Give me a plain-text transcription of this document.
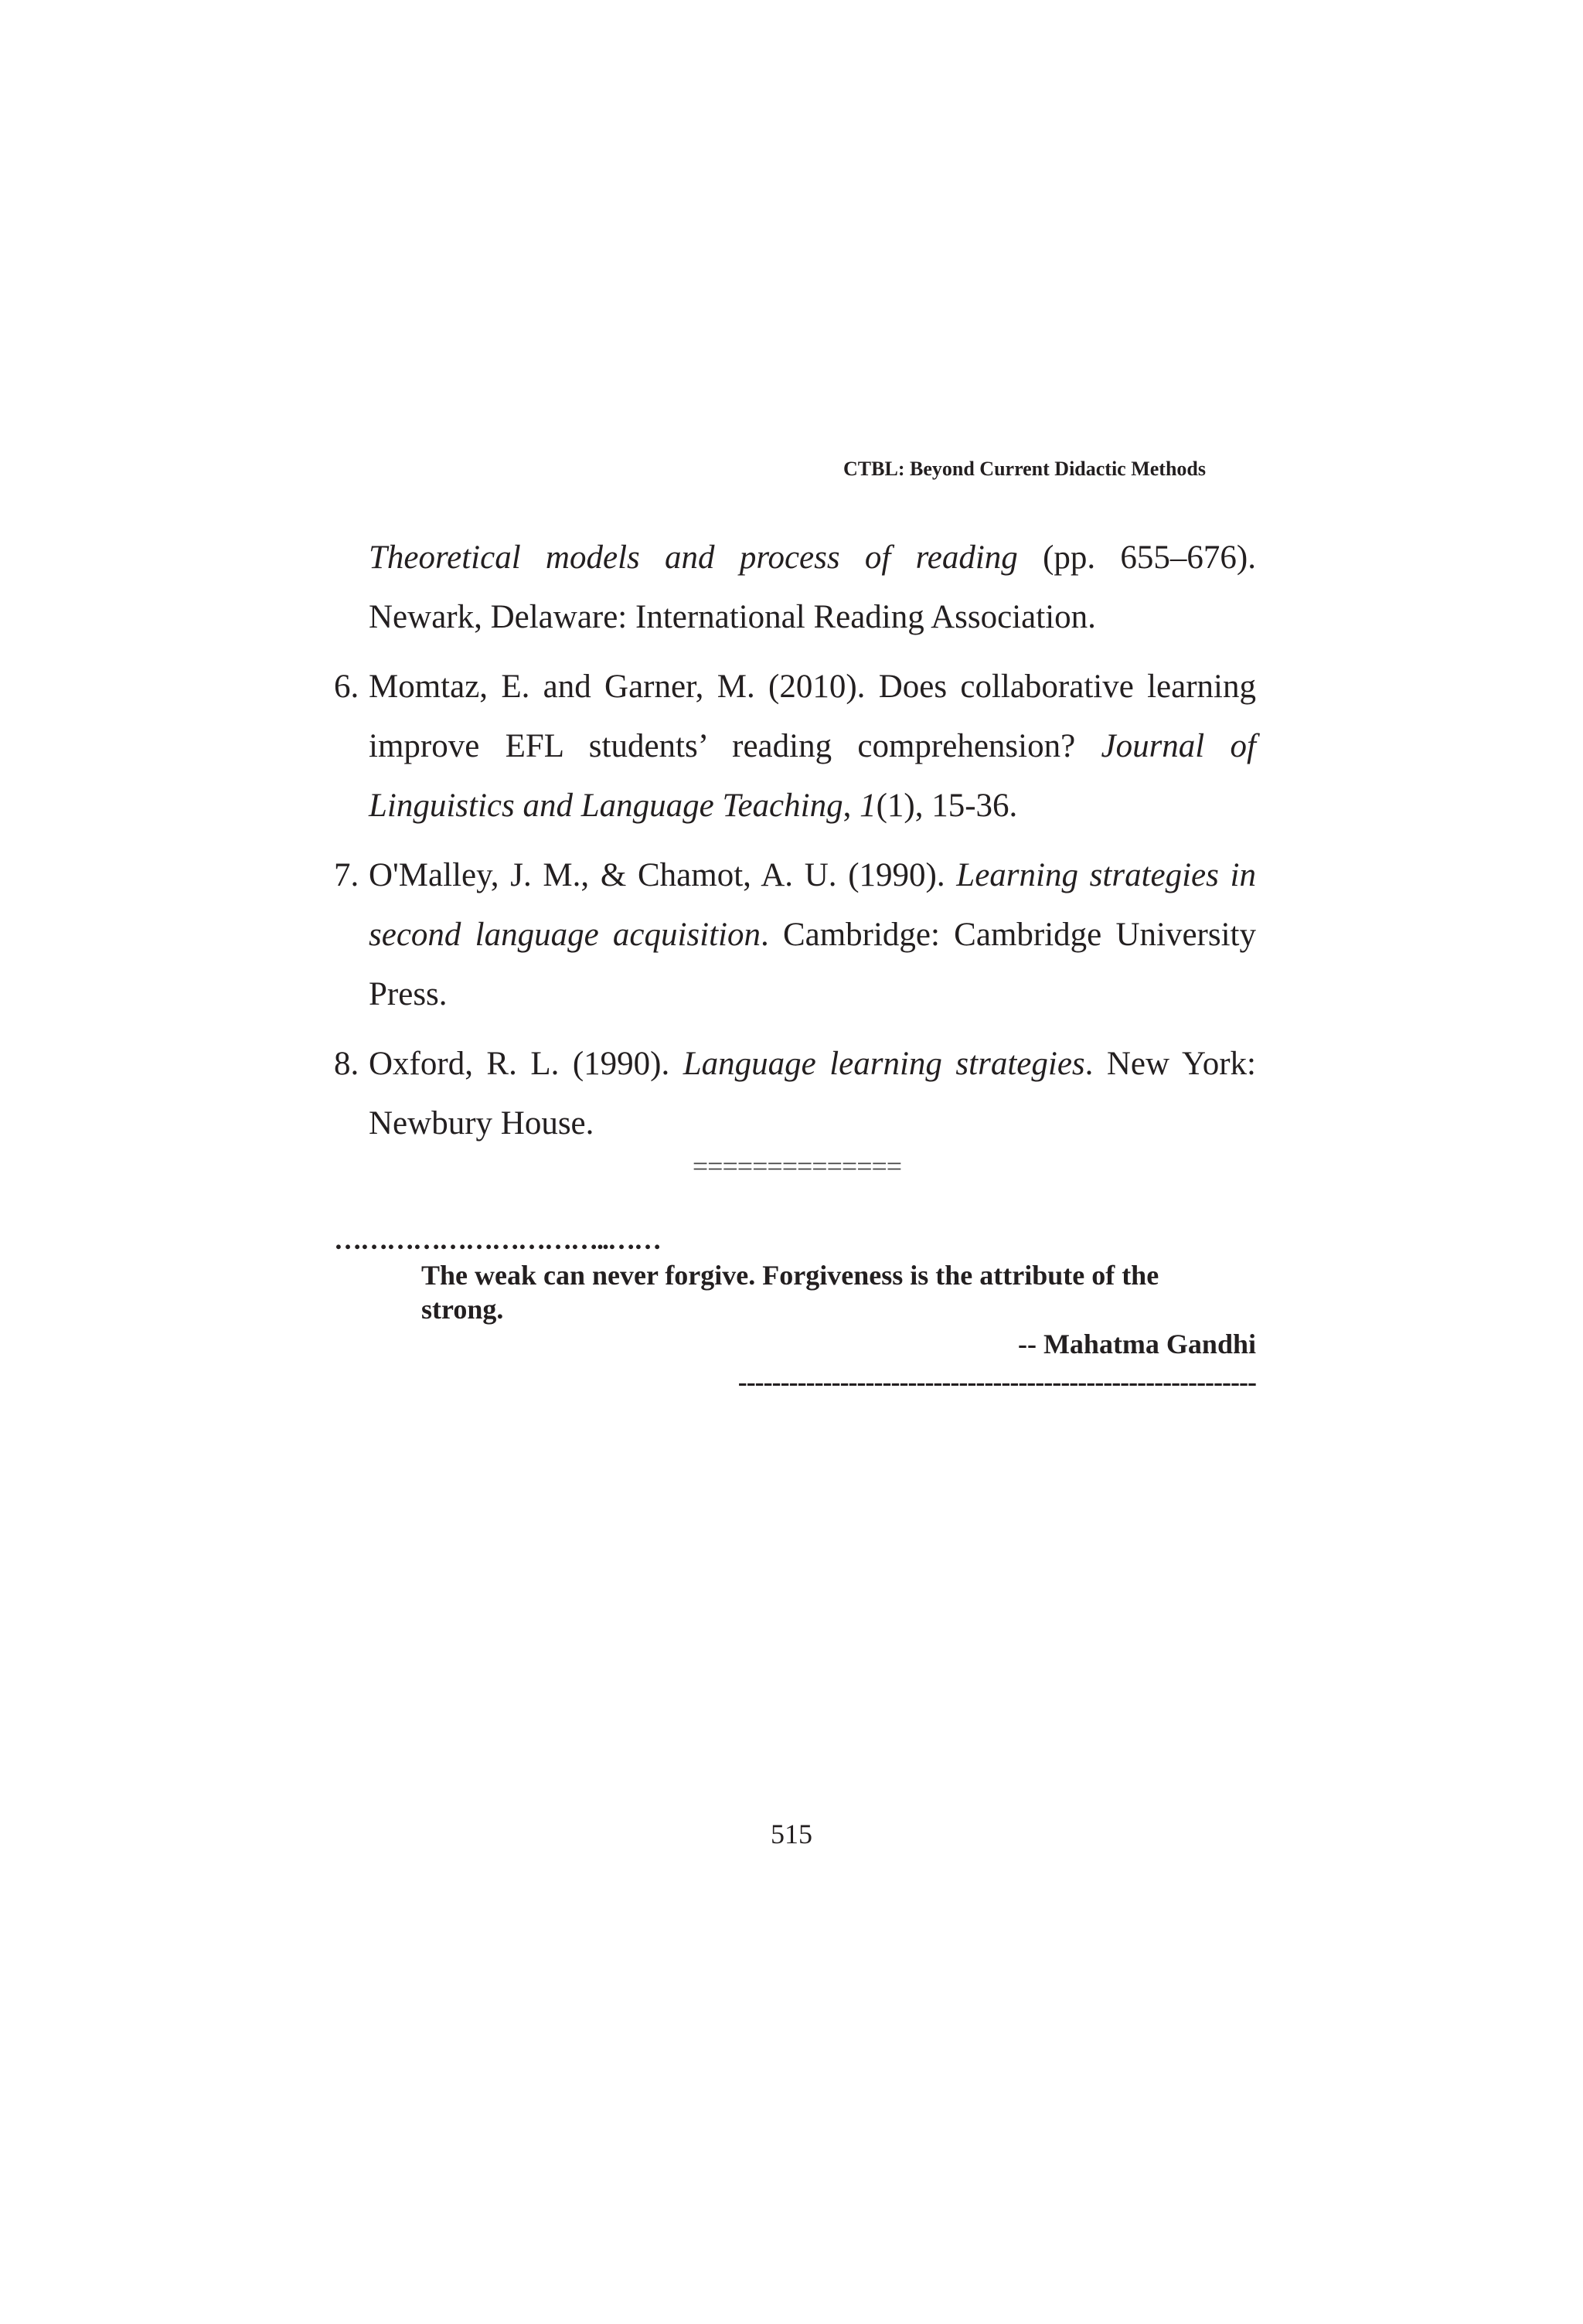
CTBL: Beyond Current Didactic Methods
Theoretical models and process of reading (pp. 655–676). Newark, Delaware: International Reading Association.
6. Momtaz, E. and Garner, M. (2010). Does collaborative learning improve EFL students’ reading comprehension? Journal of Linguistics and Language Teaching, 1(1), 15-36.
7. O'Malley, J. M., & Chamot, A. U. (1990). Learning strategies in second language acquisition. Cambridge: Cambridge University Press.
8. Oxford, R. L. (1990). Language learning strategies. New York: Newbury House.
==============
…………………………..……
The weak can never forgive. Forgiveness is the attribute of the strong.
-- Mahatma Gandhi
-------------------------------------------------------------
515
